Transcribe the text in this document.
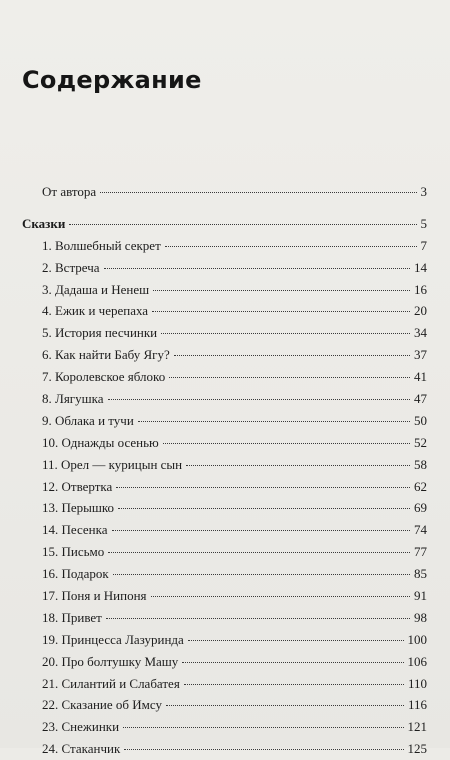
Содержание
От автора	3
Сказки	5
1. Волшебный секрет	7
2. Встреча	14
3. Дадаша и Ненеш	16
4. Ежик и черепаха	20
5. История песчинки	34
6. Как найти Бабу Ягу?	37
7. Королевское яблоко	41
8. Лягушка	47
9. Облака и тучи	50
10. Однажды осенью	52
11. Орел — курицын сын	58
12. Отвертка	62
13. Перышко	69
14. Песенка	74
15. Письмо	77
16. Подарок	85
17. Поня и Нипоня	91
18. Привет	98
19. Принцесса Лазуринда	100
20. Про болтушку Машу	106
21. Силантий и Слабатея	110
22. Сказание об Имсу	116
23. Снежинки	121
24. Стаканчик	125
